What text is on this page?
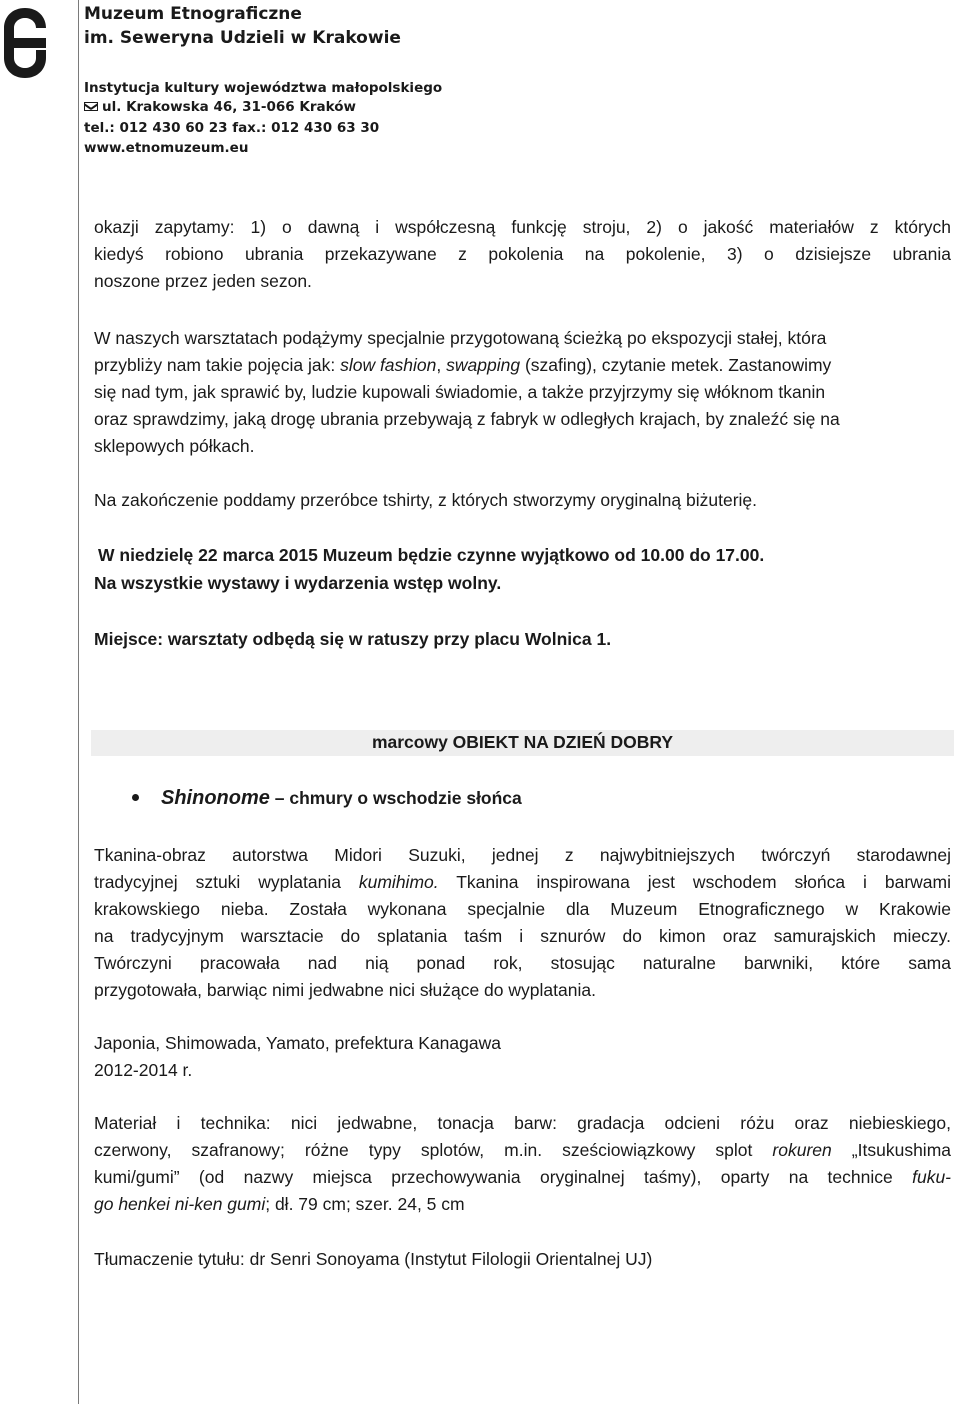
Muzeum Etnograficzne
im. Seweryna Udzieli w Krakowie
Instytucja kultury województwa małopolskiego
ul. Krakowska 46, 31-066 Kraków
tel.: 012 430 60 23 fax.: 012 430 63 30
www.etnomuzeum.eu
okazji zapytamy: 1) o dawną i współczesną funkcję stroju, 2) o jakość materiałów z których
kiedyś robiono ubrania przekazywane z pokolenia na pokolenie, 3) o dzisiejsze ubrania
noszone przez jeden sezon.
W naszych warsztatach podążymy specjalnie przygotowaną ścieżką po ekspozycji stałej, która
przybliży nam takie pojęcia jak: slow fashion, swapping (szafing), czytanie metek. Zastanowimy
się nad tym, jak sprawić by, ludzie kupowali świadomie, a także przyjrzymy się włóknom tkanin
oraz sprawdzimy, jaką drogę ubrania przebywają z fabryk w odległych krajach, by znaleźć się na
sklepowych półkach.
Na zakończenie poddamy przeróbce tshirty, z których stworzymy oryginalną biżuterię.
W niedzielę 22 marca 2015 Muzeum będzie czynne wyjątkowo od 10.00 do 17.00.
Na wszystkie wystawy i wydarzenia wstęp wolny.
Miejsce: warsztaty odbędą się w ratuszy przy placu Wolnica 1.
marcowy OBIEKT NA DZIEŃ DOBRY
Shinonome – chmury o wschodzie słońca
Tkanina-obraz autorstwa Midori Suzuki, jednej z najwybitniejszych twórczyń starodawnej
tradycyjnej sztuki wyplatania kumihimo. Tkanina inspirowana jest wschodem słońca i barwami
krakowskiego nieba. Została wykonana specjalnie dla Muzeum Etnograficznego w Krakowie
na tradycyjnym warsztacie do splatania taśm i sznurów do kimon oraz samurajskich mieczy.
Twórczyni pracowała nad nią ponad rok, stosując naturalne barwniki, które sama
przygotowała, barwiąc nimi jedwabne nici służące do wyplatania.
Japonia, Shimowada, Yamato, prefektura Kanagawa
2012-2014 r.
Materiał i technika: nici jedwabne, tonacja barw: gradacja odcieni różu oraz niebieskiego,
czerwony, szafranowy; różne typy splotów, m.in. sześciowiązkowy splot rokuren „Itsukushima
kumi/gumi” (od nazwy miejsca przechowywania oryginalnej taśmy), oparty na technice fuku-
go henkei ni-ken gumi; dł. 79 cm; szer. 24, 5 cm
Tłumaczenie tytułu: dr Senri Sonoyama (Instytut Filologii Orientalnej UJ)
